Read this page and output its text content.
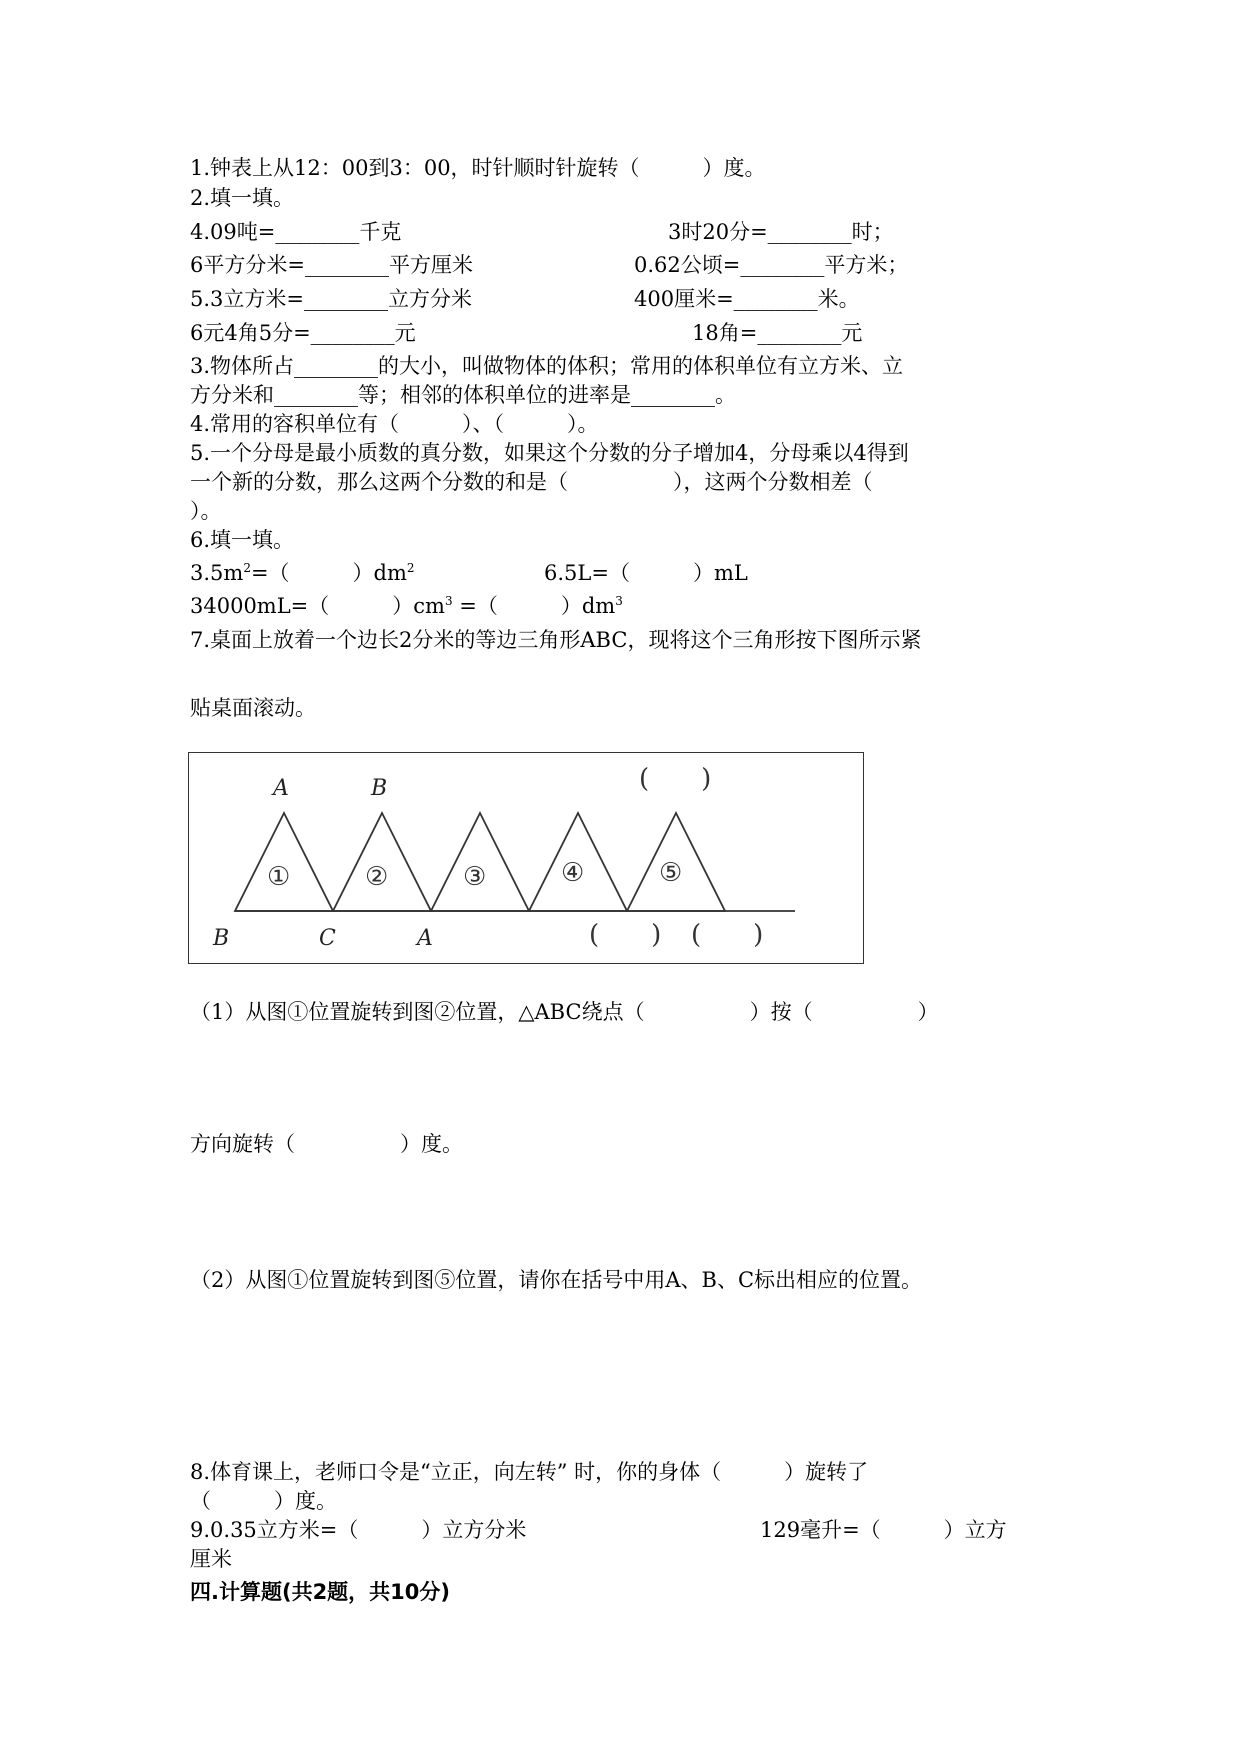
1.钟表上从12：00到3：00，时针顺时针旋转（　　　）度。
2.填一填。
4.09吨=________千克	3时20分=________时；
6平方分米=________平方厘米	0.62公顷=________平方米；
5.3立方米=________立方分米	400厘米=________米。
6元4角5分=________元	18角=________元
3.物体所占________的大小，叫做物体的体积；常用的体积单位有立方米、立
方分米和________等；相邻的体积单位的进率是________。
4.常用的容积单位有（　　　）、（　　　）。
5.一个分母是最小质数的真分数，如果这个分数的分子增加4，分母乘以4得到
一个新的分数，那么这两个分数的和是（　　　　　），这两个分数相差（
）。
6.填一填。
$3.5m^2=$（　　　）$dm^2$	6.5L=（　　　）mL
34000mL=（　　　）$cm^3$ =（　　　）$dm^3$
7.桌面上放着一个边长2分米的等边三角形ABC，现将这个三角形按下图所示紧
贴桌面滚动。
A	B
B	C	A
①	②	③	④	⑤
(　　)
(　　) (　　)
（1）从图①位置旋转到图②位置，△ABC绕点（　　　　　）按（　　　　　）
方向旋转（　　　　　）度。
（2）从图①位置旋转到图⑤位置，请你在括号中用A、B、C标出相应的位置。
8.体育课上，老师口令是“立正，向左转” 时，你的身体（　　　）旋转了
（　　　）度。
9.0.35立方米=（　　　）立方分米	129毫升=（　　　）立方
厘米
四.计算题(共2题，共10分)
